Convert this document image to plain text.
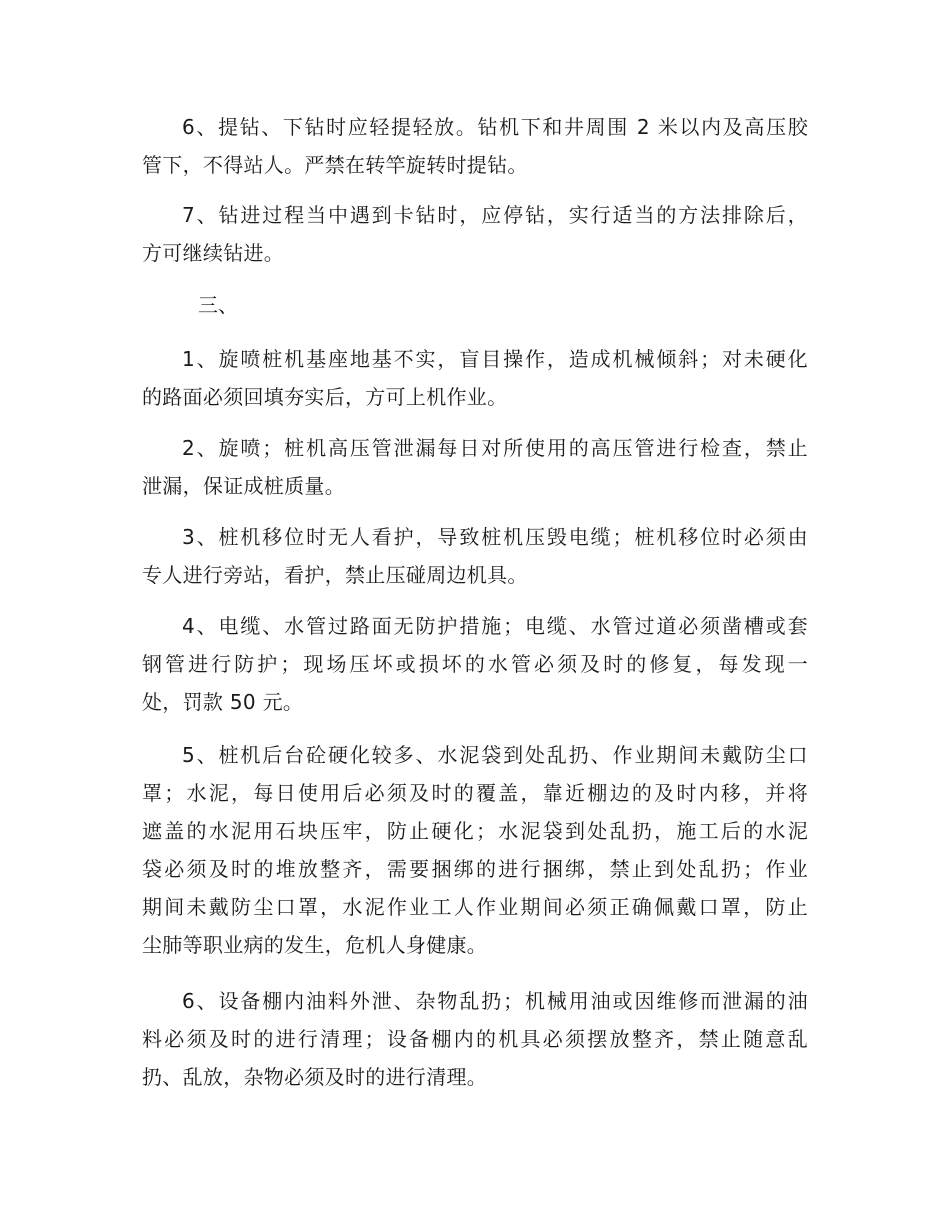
6、提钻、下钻时应轻提轻放。钻机下和井周围 2 米以内及高压胶
管下，不得站人。严禁在转竿旋转时提钻。

7、钻进过程当中遇到卡钻时，应停钻，实行适当的方法排除后，
方可继续钻进。

三、

1、旋喷桩机基座地基不实，盲目操作，造成机械倾斜；对未硬化
的路面必须回填夯实后，方可上机作业。

2、旋喷；桩机高压管泄漏每日对所使用的高压管进行检查，禁止
泄漏，保证成桩质量。

3、桩机移位时无人看护，导致桩机压毁电缆；桩机移位时必须由
专人进行旁站，看护，禁止压碰周边机具。

4、电缆、水管过路面无防护措施；电缆、水管过道必须凿槽或套
钢管进行防护；现场压坏或损坏的水管必须及时的修复，每发现一
处，罚款 50 元。

5、桩机后台砼硬化较多、水泥袋到处乱扔、作业期间未戴防尘口
罩；水泥，每日使用后必须及时的覆盖，靠近棚边的及时内移，并将
遮盖的水泥用石块压牢，防止硬化；水泥袋到处乱扔，施工后的水泥
袋必须及时的堆放整齐，需要捆绑的进行捆绑，禁止到处乱扔；作业
期间未戴防尘口罩，水泥作业工人作业期间必须正确佩戴口罩，防止
尘肺等职业病的发生，危机人身健康。

6、设备棚内油料外泄、杂物乱扔；机械用油或因维修而泄漏的油
料必须及时的进行清理；设备棚内的机具必须摆放整齐，禁止随意乱
扔、乱放，杂物必须及时的进行清理。
